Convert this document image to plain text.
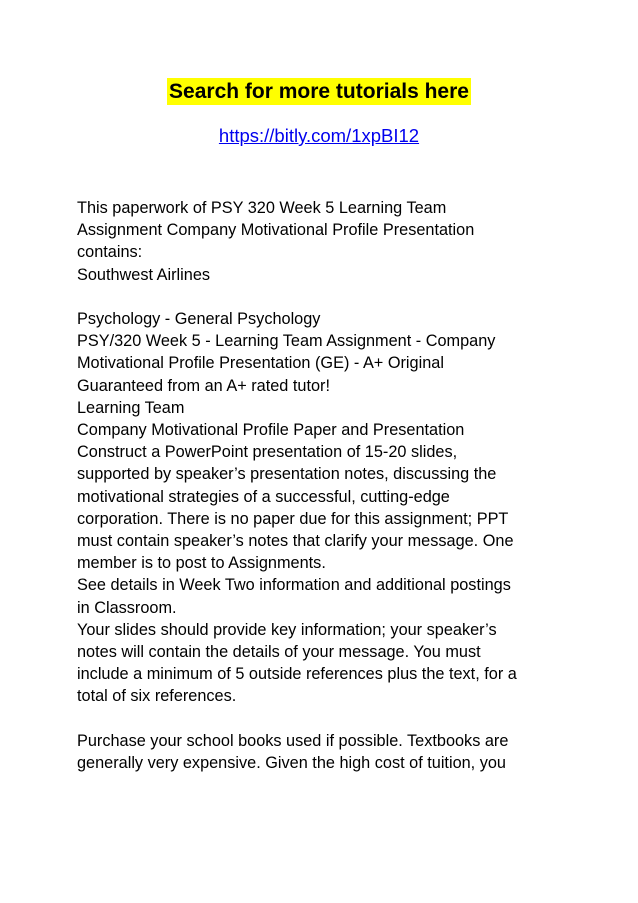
Search for more tutorials here
https://bitly.com/1xpBI12

This paperwork of PSY 320 Week 5 Learning Team
Assignment Company Motivational Profile Presentation
contains:
Southwest Airlines

Psychology - General Psychology
PSY/320 Week 5 - Learning Team Assignment - Company
Motivational Profile Presentation (GE) - A+ Original
Guaranteed from an A+ rated tutor!
Learning Team
Company Motivational Profile Paper and Presentation
Construct a PowerPoint presentation of 15-20 slides,
supported by speaker’s presentation notes, discussing the
motivational strategies of a successful, cutting-edge
corporation. There is no paper due for this assignment; PPT
must contain speaker’s notes that clarify your message. One
member is to post to Assignments.
See details in Week Two information and additional postings
in Classroom.
Your slides should provide key information; your speaker’s
notes will contain the details of your message. You must
include a minimum of 5 outside references plus the text, for a
total of six references.

Purchase your school books used if possible. Textbooks are
generally very expensive. Given the high cost of tuition, you
